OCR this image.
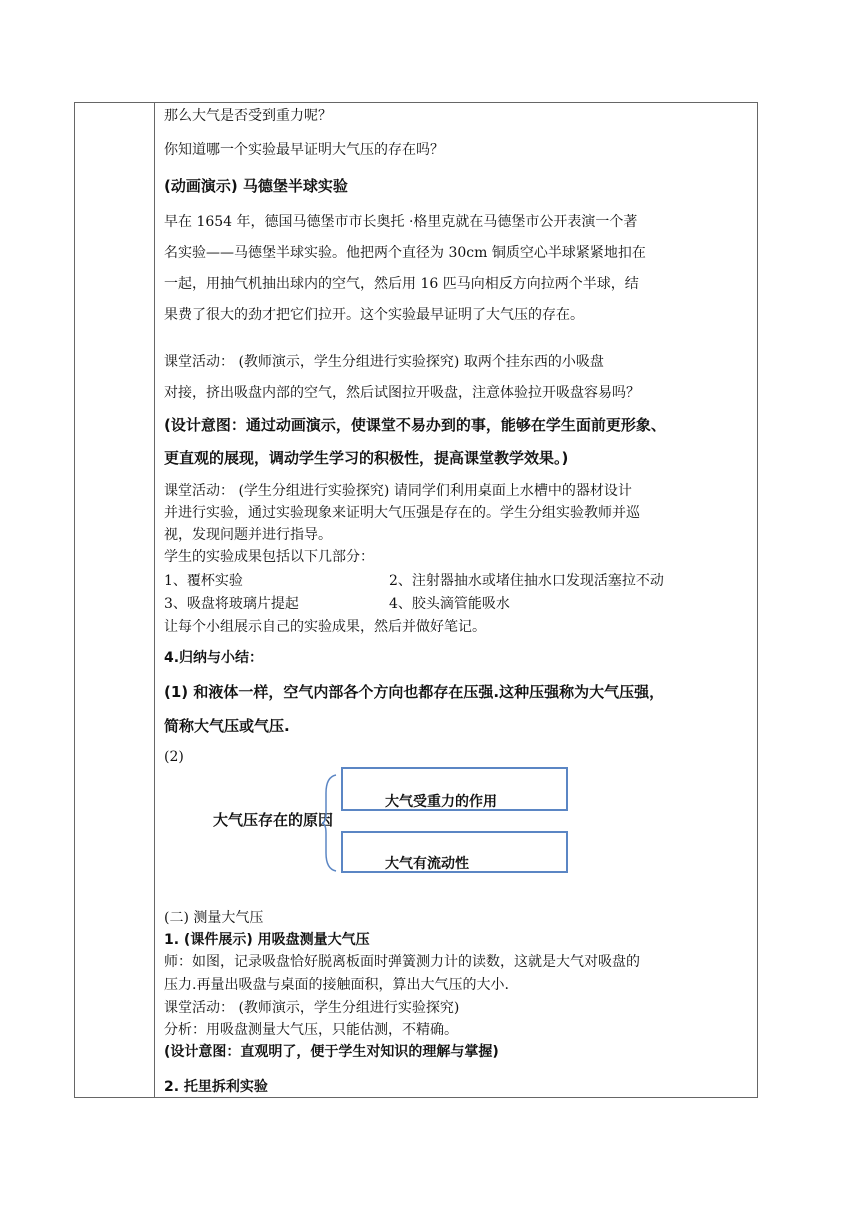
那么大气是否受到重力呢？
你知道哪一个实验最早证明大气压的存在吗？
(动画演示) 马德堡半球实验
早在 1654 年，德国马德堡市市长奥托 ·格里克就在马德堡市公开表演一个著
名实验——马德堡半球实验。他把两个直径为 30cm 铜质空心半球紧紧地扣在
一起，用抽气机抽出球内的空气，然后用 16 匹马向相反方向拉两个半球，结
果费了很大的劲才把它们拉开。这个实验最早证明了大气压的存在。
课堂活动： (教师演示，学生分组进行实验探究) 取两个挂东西的小吸盘
对接，挤出吸盘内部的空气，然后试图拉开吸盘，注意体验拉开吸盘容易吗？
(设计意图：通过动画演示，使课堂不易办到的事，能够在学生面前更形象、
更直观的展现，调动学生学习的积极性，提高课堂教学效果。)
课堂活动： (学生分组进行实验探究) 请同学们利用桌面上水槽中的器材设计
并进行实验，通过实验现象来证明大气压强是存在的。学生分组实验教师并巡
视，发现问题并进行指导。
学生的实验成果包括以下几部分：
1、覆杯实验	2、注射器抽水或堵住抽水口发现活塞拉不动
3、吸盘将玻璃片提起	4、胶头滴管能吸水
让每个小组展示自己的实验成果，然后并做好笔记。
4.归纳与小结：
(1) 和液体一样，空气内部各个方向也都存在压强.这种压强称为大气压强，
简称大气压或气压.
(2)
大气压存在的原因
大气受重力的作用
大气有流动性
(二) 测量大气压
1. (课件展示) 用吸盘测量大气压
师：如图，记录吸盘恰好脱离板面时弹簧测力计的读数，这就是大气对吸盘的
压力.再量出吸盘与桌面的接触面积，算出大气压的大小.
课堂活动： (教师演示，学生分组进行实验探究)
分析：用吸盘测量大气压，只能估测，不精确。
(设计意图：直观明了，便于学生对知识的理解与掌握)
2. 托里拆利实验
